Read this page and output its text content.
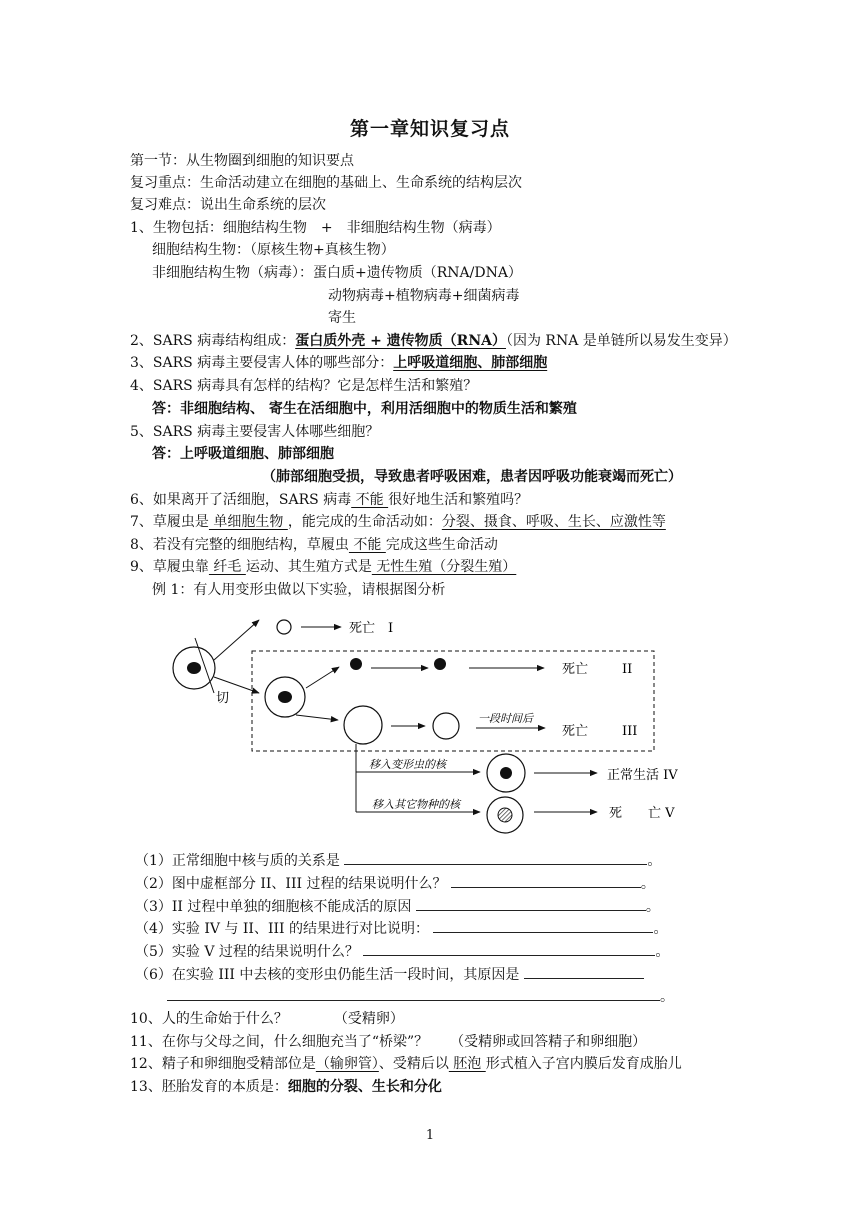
第一章知识复习点
第一节：从生物圈到细胞的知识要点
复习重点：生命活动建立在细胞的基础上、生命系统的结构层次
复习难点：说出生命系统的层次
1、生物包括：细胞结构生物　+　非细胞结构生物（病毒）
细胞结构生物：（原核生物+真核生物）
非细胞结构生物（病毒）：蛋白质+遗传物质（RNA/DNA）
动物病毒+植物病毒+细菌病毒
寄生
2、SARS 病毒结构组成：蛋白质外壳 + 遗传物质（RNA）（因为 RNA 是单链所以易发生变异）
3、SARS 病毒主要侵害人体的哪些部分：上呼吸道细胞、肺部细胞
4、SARS 病毒具有怎样的结构？它是怎样生活和繁殖？
答：非细胞结构、 寄生在活细胞中，利用活细胞中的物质生活和繁殖
5、SARS 病毒主要侵害人体哪些细胞？
答：上呼吸道细胞、肺部细胞
（肺部细胞受损，导致患者呼吸困难，患者因呼吸功能衰竭而死亡）
6、如果离开了活细胞，SARS 病毒 不能 很好地生活和繁殖吗？
7、草履虫是 单细胞生物 ，能完成的生命活动如：分裂、摄食、呼吸、生长、应激性等
8、若没有完整的细胞结构，草履虫 不能 完成这些生命活动
9、草履虫靠 纤毛 运动、其生殖方式是 无性生殖（分裂生殖）
例 1：有人用变形虫做以下实验，请根据图分析
切
死亡　Ⅰ
死亡	II
一段时间后
死亡	III
移入变形虫的核
移入其它物种的核
正常生活 IV
死　　亡 V
（1）正常细胞中核与质的关系是	。
（2）图中虚框部分 II、III 过程的结果说明什么？	。
（3）II 过程中单独的细胞核不能成活的原因	。
（4）实验 IV 与 II、III 的结果进行对比说明：	。
（5）实验 V 过程的结果说明什么？	。
（6）在实验 III 中去核的变形虫仍能生活一段时间，其原因是
。
10、人的生命始于什么？	（受精卵）
11、在你与父母之间，什么细胞充当了“桥梁”？ （受精卵或回答精子和卵细胞）
12、精子和卵细胞受精部位是（输卵管）、受精后以 胚泡 形式植入子宫内膜后发育成胎儿
13、胚胎发育的本质是：细胞的分裂、生长和分化
1
